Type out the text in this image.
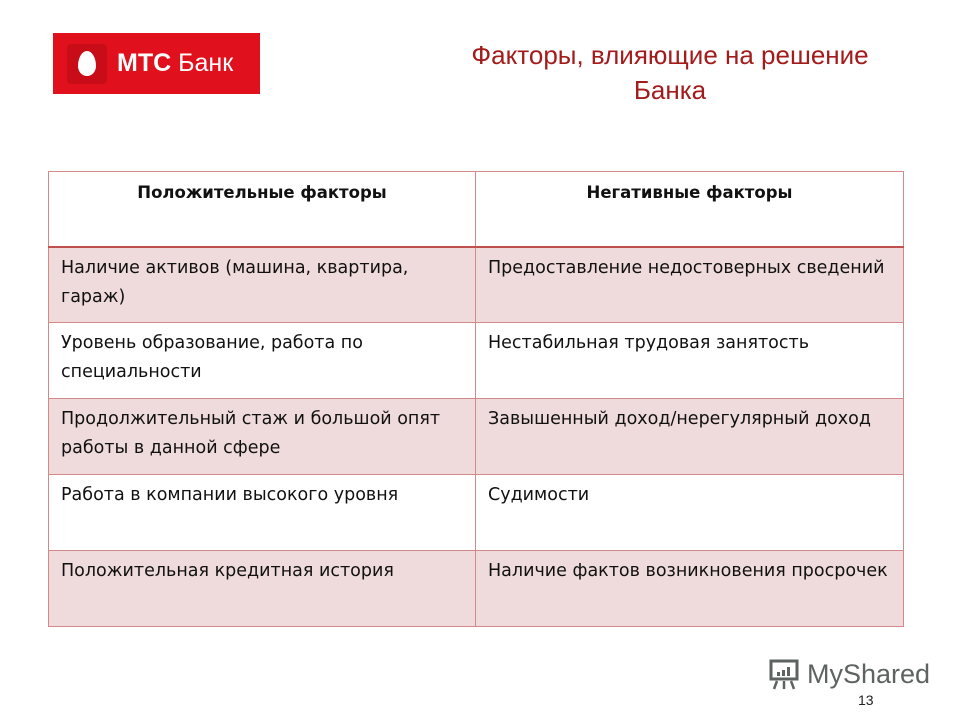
МТС Банк	Факторы, влияющие на решение
Банка
Положительные факторы	Негативные факторы
Наличие активов (машина, квартира, гараж)	Предоставление недостоверных сведений
Уровень образование, работа по специальности	Нестабильная трудовая занятость
Продолжительный стаж и большой опят работы в данной сфере	Завышенный доход/нерегулярный доход
Работа в компании высокого уровня	Судимости
Положительная кредитная история	Наличие фактов возникновения просрочек
MyShared
13
